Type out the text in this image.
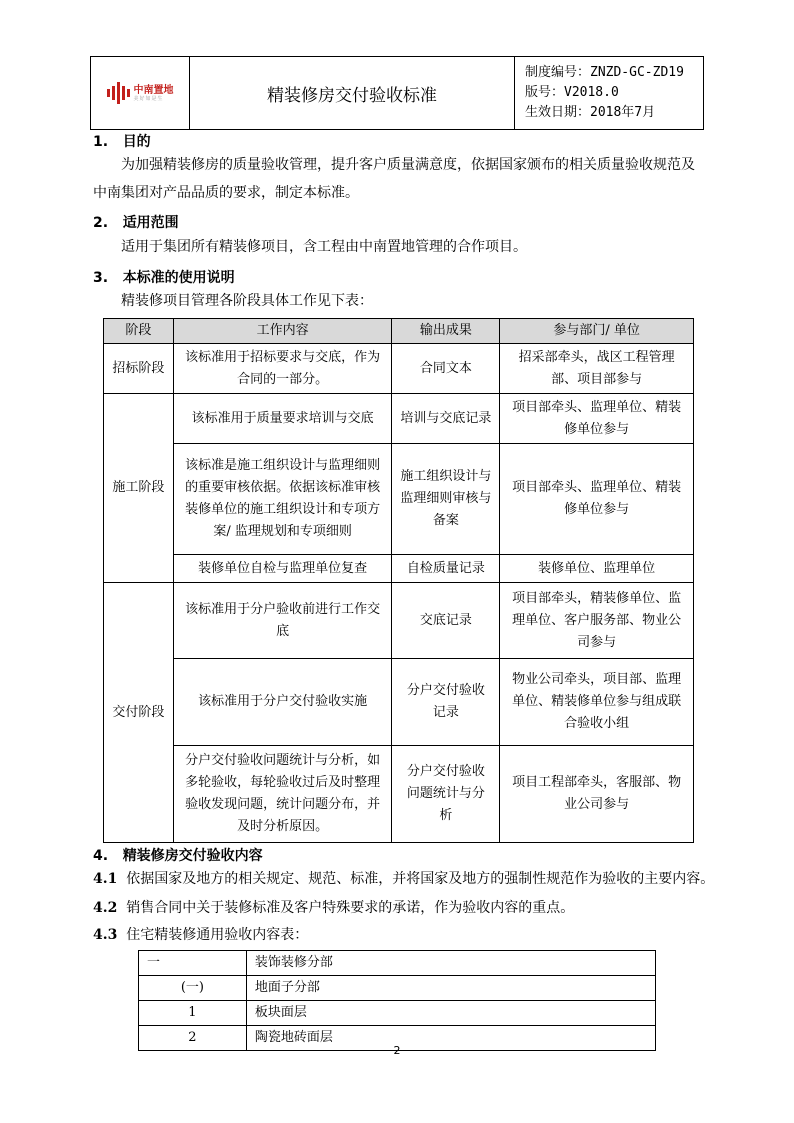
中南置地
美好如是生	精装修房交付验收标准	
制度编号：ZNZD-GC-ZD19
版号：V2018.0
生效日期：2018年7月
1. 目的
为加强精装修房的质量验收管理，提升客户质量满意度，依据国家颁布的相关质量验收规范及
中南集团对产品品质的要求，制定本标准。
2. 适用范围
适用于集团所有精装修项目，含工程由中南置地管理的合作项目。
3. 本标准的使用说明
精装修项目管理各阶段具体工作见下表：
阶段	工作内容	输出成果	参与部门/ 单位
招标阶段	该标准用于招标要求与交底，作为合同的一部分。	合同文本	招采部牵头，战区工程管理部、项目部参与
施工阶段	该标准用于质量要求培训与交底	培训与交底记录	项目部牵头、监理单位、精装修单位参与
	该标准是施工组织设计与监理细则的重要审核依据。依据该标准审核装修单位的施工组织设计和专项方案/ 监理规划和专项细则	施工组织设计与监理细则审核与备案	项目部牵头、监理单位、精装修单位参与
	装修单位自检与监理单位复查	自检质量记录	装修单位、监理单位
交付阶段	该标准用于分户验收前进行工作交底	交底记录	项目部牵头，精装修单位、监理单位、客户服务部、物业公司参与
	该标准用于分户交付验收实施	分户交付验收记录	物业公司牵头，项目部、监理单位、精装修单位参与组成联合验收小组
	分户交付验收问题统计与分析，如多轮验收，每轮验收过后及时整理验收发现问题，统计问题分布，并及时分析原因。	分户交付验收问题统计与分析	项目工程部牵头，客服部、物业公司参与
4. 精装修房交付验收内容
4.1 依据国家及地方的相关规定、规范、标准，并将国家及地方的强制性规范作为验收的主要内容。
4.2 销售合同中关于装修标准及客户特殊要求的承诺，作为验收内容的重点。
4.3 住宅精装修通用验收内容表：
一	装饰装修分部
(一)	地面子分部
1	板块面层
2	陶瓷地砖面层
2
